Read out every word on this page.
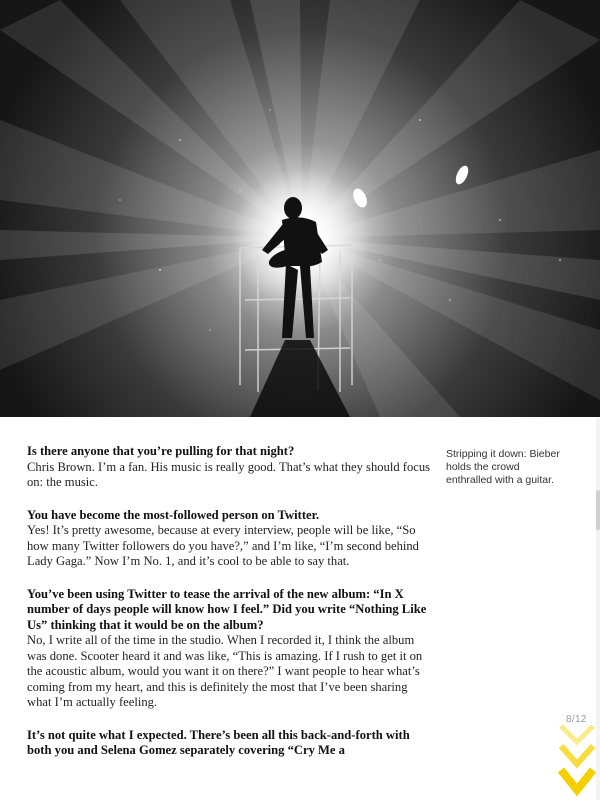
Is there anyone that you’re pulling for that night?

Chris Brown. I’m a fan. His music is really good. That’s what they should focus on: the music.

You have become the most-followed person on Twitter.

Yes! It’s pretty awesome, because at every interview, people will be like, “So how many Twitter followers do you have?,” and I’m like, “I’m second behind Lady Gaga.” Now I’m No. 1, and it’s cool to be able to say that.

You’ve been using Twitter to tease the arrival of the new album: “In X number of days people will know how I feel.” Did you write “Nothing Like Us” thinking that it would be on the album?

No, I write all of the time in the studio. When I recorded it, I think the album was done. Scooter heard it and was like, “This is amazing. If I rush to get it on the acoustic album, would you want it on there?” I want people to hear what’s coming from my heart, and this is definitely the most that I’ve been sharing what I’m actually feeling.

It’s not quite what I expected. There’s been all this back-and-forth with both you and Selena Gomez separately covering “Cry Me a

Stripping it down: Bieber holds the crowd enthralled with a guitar.
8/12
